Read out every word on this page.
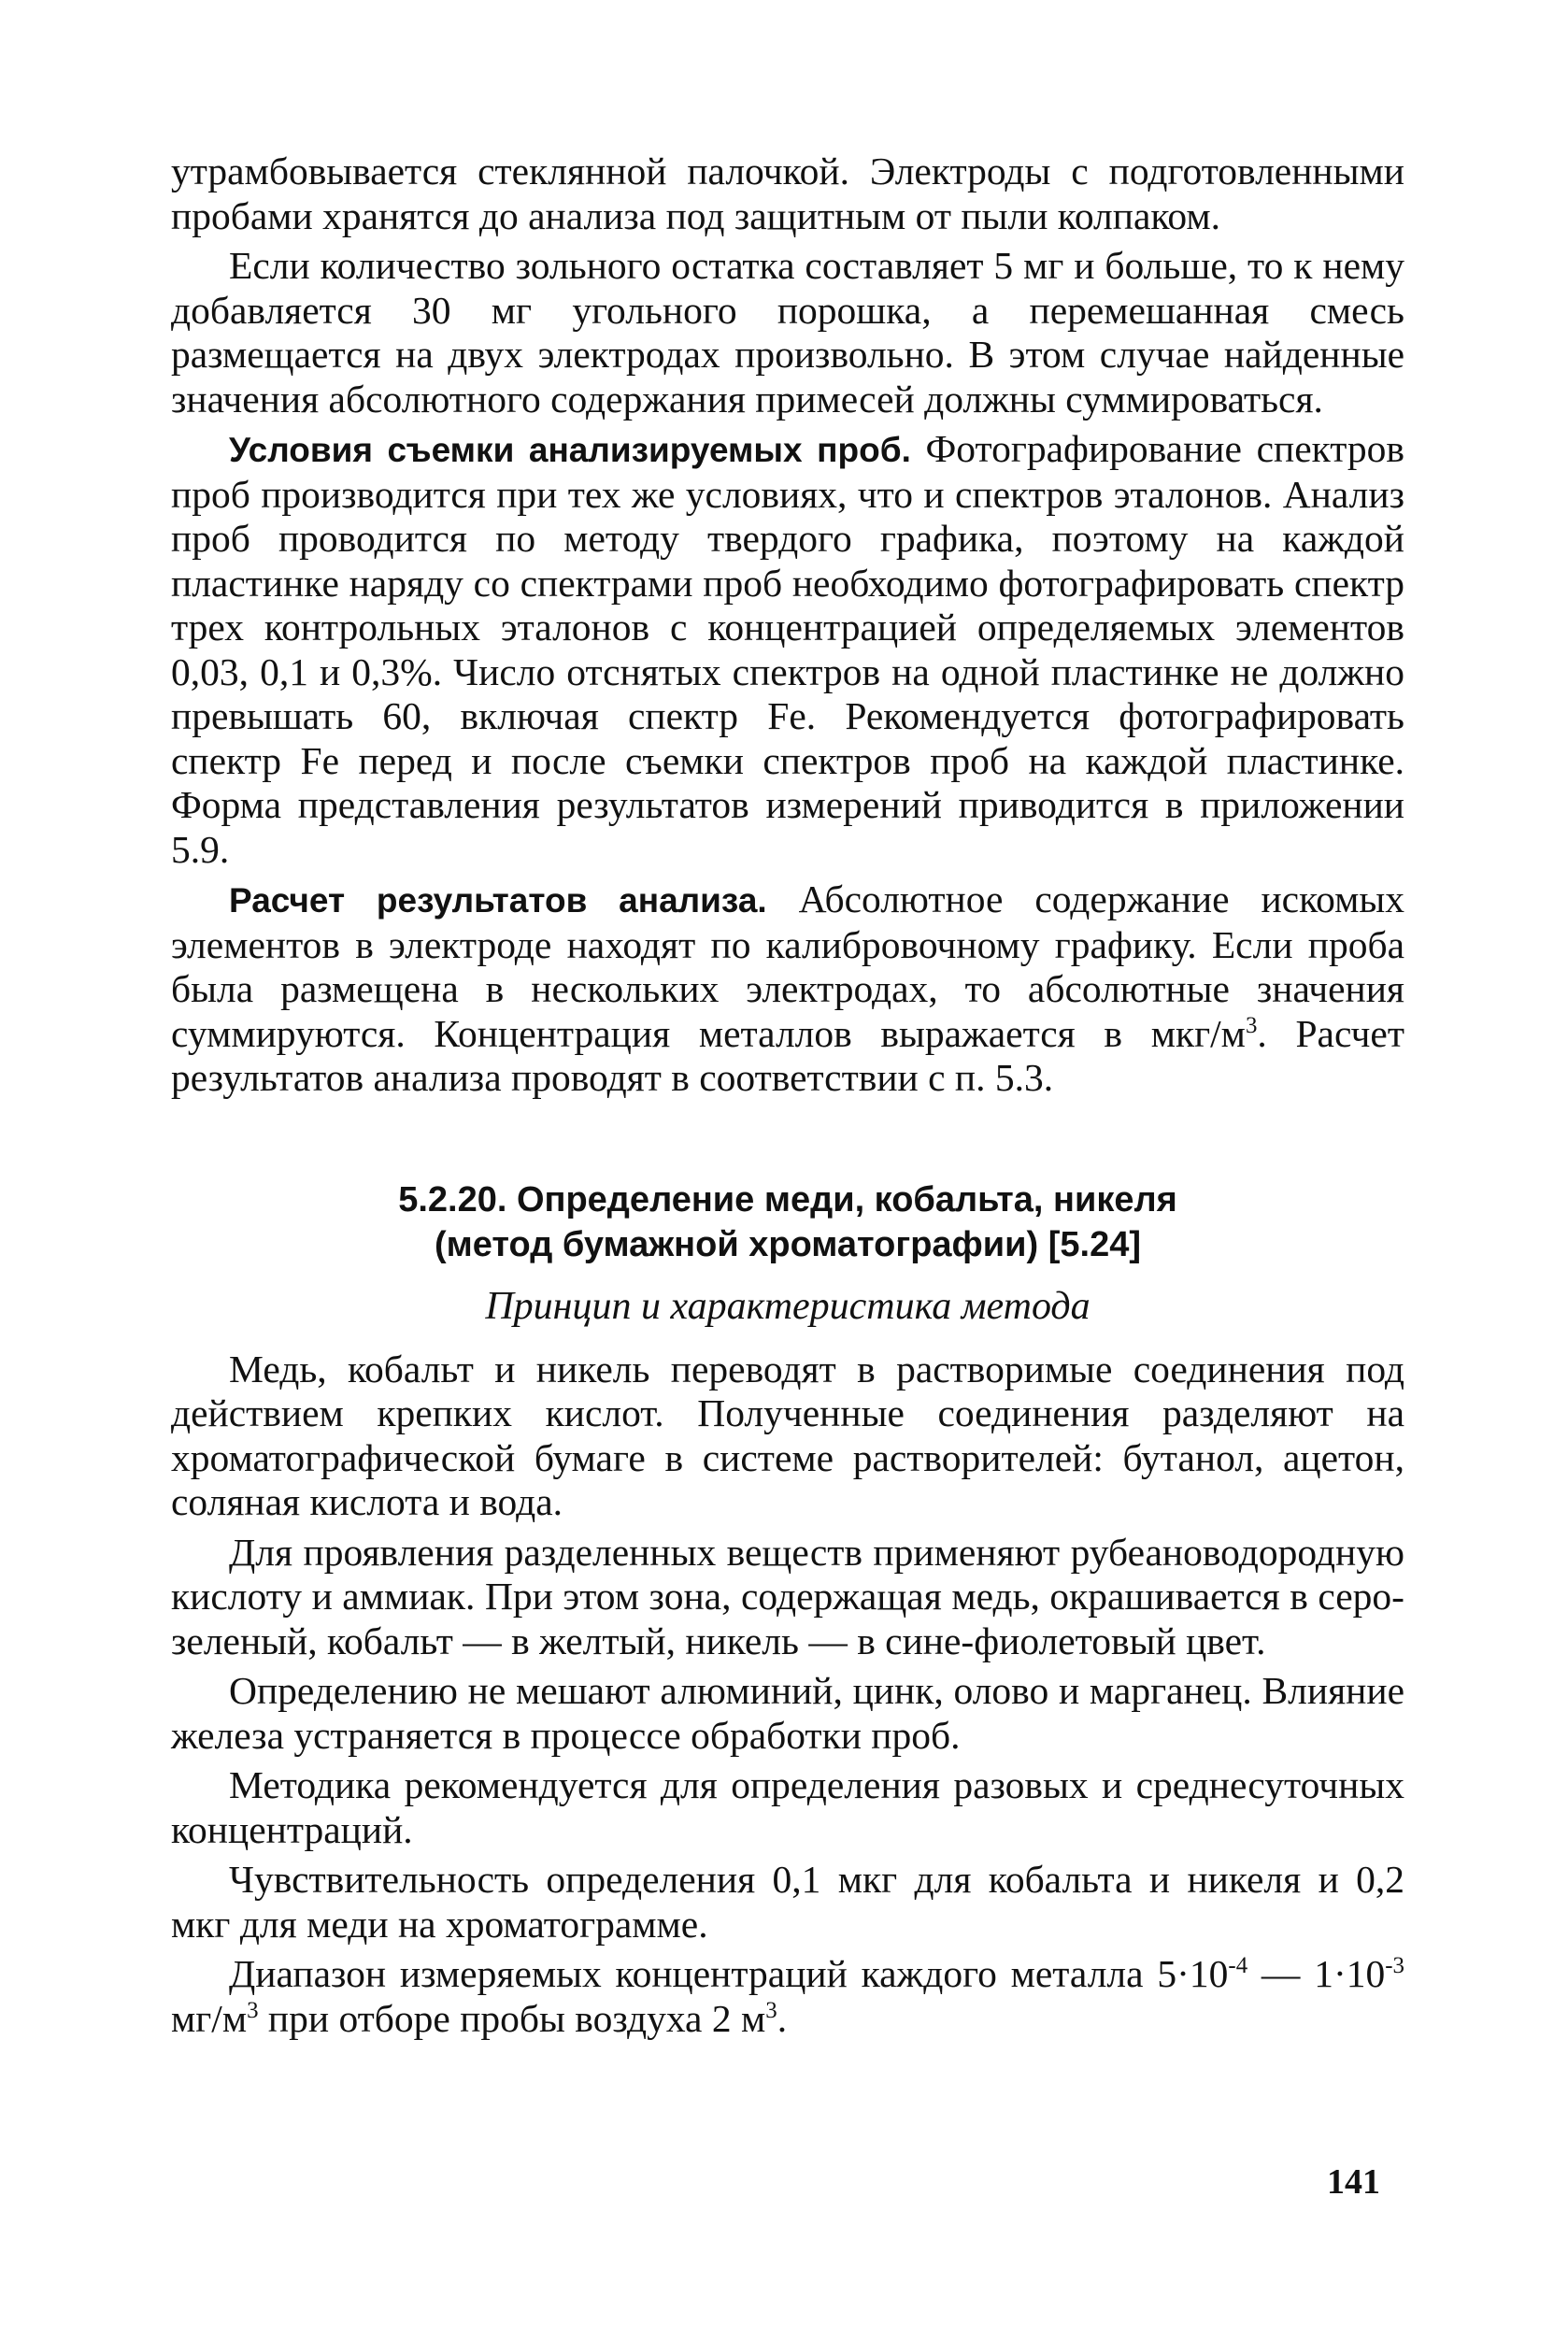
утрамбовывается стеклянной палочкой. Электроды с подготовленными пробами хранятся до анализа под защитным от пыли колпаком.

Если количество зольного остатка составляет 5 мг и больше, то к нему добавляется 30 мг угольного порошка, а перемешанная смесь размещается на двух электродах произвольно. В этом случае найденные значения абсолютного содержания примесей должны суммироваться.

Условия съемки анализируемых проб. Фотографирование спектров проб производится при тех же условиях, что и спектров эталонов. Анализ проб проводится по методу твердого графика, поэтому на каждой пластинке наряду со спектрами проб необходимо фотографировать спектр трех контрольных эталонов с концентрацией определяемых элементов 0,03, 0,1 и 0,3%. Число отснятых спектров на одной пластинке не должно превышать 60, включая спектр Fe. Рекомендуется фотографировать спектр Fe перед и после съемки спектров проб на каждой пластинке. Форма представления результатов измерений приводится в приложении 5.9.

Расчет результатов анализа. Абсолютное содержание искомых элементов в электроде находят по калибровочному графику. Если проба была размещена в нескольких электродах, то абсолютные значения суммируются. Концентрация металлов выражается в мкг/$м^3$. Расчет результатов анализа проводят в соответствии с п. 5.3.

5.2.20. Определение меди, кобальта, никеля
(метод бумажной хроматографии) [5.24]
Принцип и характеристика метода

Медь, кобальт и никель переводят в растворимые соединения под действием крепких кислот. Полученные соединения разделяют на хроматографической бумаге в системе растворителей: бутанол, ацетон, соляная кислота и вода.

Для проявления разделенных веществ применяют рубеановодородную кислоту и аммиак. При этом зона, содержащая медь, окрашивается в серо-зеленый, кобальт — в желтый, никель — в сине-фиолетовый цвет.

Определению не мешают алюминий, цинк, олово и марганец. Влияние железа устраняется в процессе обработки проб.

Методика рекомендуется для определения разовых и среднесуточных концентраций.

Чувствительность определения 0,1 мкг для кобальта и никеля и 0,2 мкг для меди на хроматограмме.

Диапазон измеряемых концентраций каждого металла $5\cdot 10^{-4}$ — $1\cdot 10^{-3}$ $мг/м^3$ при отборе пробы воздуха 2 $м^3$.

141
